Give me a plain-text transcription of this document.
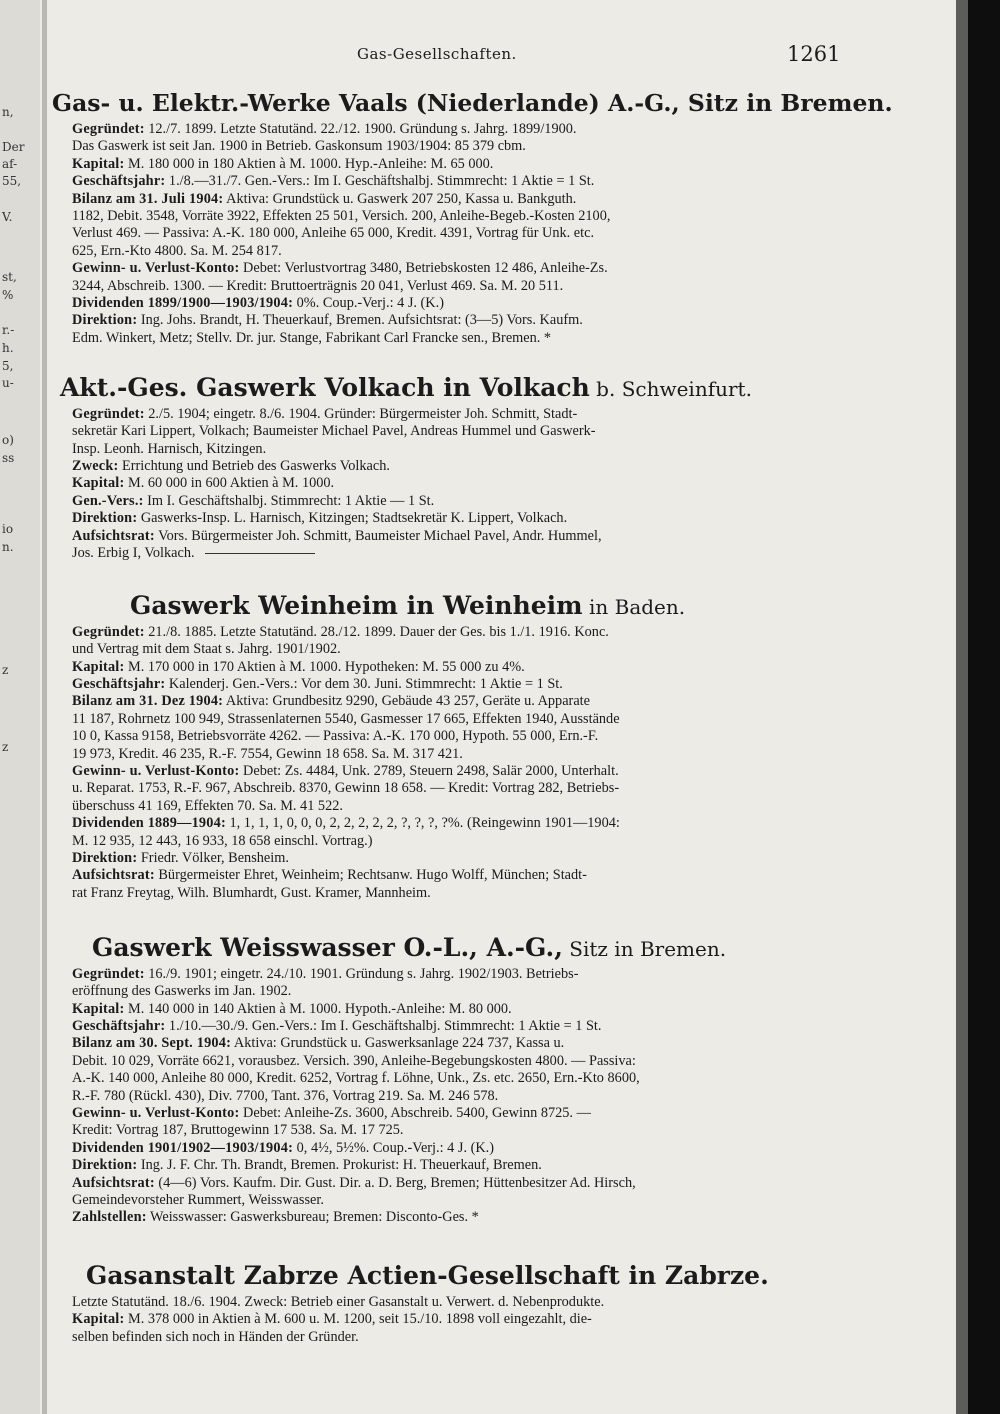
n,
Der
af-
55,
V.
st,
%
r.-
h.
5,
u-
o)
ss
io
n.
z
z
Gas-Gesellschaften.	1261
Gas- u. Elektr.-Werke Vaals (Niederlande) A.-G., Sitz in Bremen.

Gegründet: 12./7. 1899. Letzte Statutänd. 22./12. 1900. Gründung s. Jahrg. 1899/1900.

Das Gaswerk ist seit Jan. 1900 in Betrieb. Gaskonsum 1903/1904: 85 379 cbm.

Kapital: M. 180 000 in 180 Aktien à M. 1000. Hyp.-Anleihe: M. 65 000.

Geschäftsjahr: 1./8.—31./7. Gen.-Vers.: Im I. Geschäftshalbj. Stimmrecht: 1 Aktie = 1 St.

Bilanz am 31. Juli 1904: Aktiva: Grundstück u. Gaswerk 207 250, Kassa u. Bankguth.

1182, Debit. 3548, Vorräte 3922, Effekten 25 501, Versich. 200, Anleihe-Begeb.-Kosten 2100,

Verlust 469. — Passiva: A.-K. 180 000, Anleihe 65 000, Kredit. 4391, Vortrag für Unk. etc.

625, Ern.-Kto 4800. Sa. M. 254 817.

Gewinn- u. Verlust-Konto: Debet: Verlustvortrag 3480, Betriebskosten 12 486, Anleihe-Zs.

3244, Abschreib. 1300. — Kredit: Bruttoerträgnis 20 041, Verlust 469. Sa. M. 20 511.

Dividenden 1899/1900—1903/1904: 0%. Coup.-Verj.: 4 J. (K.)

Direktion: Ing. Johs. Brandt, H. Theuerkauf, Bremen. Aufsichtsrat: (3—5) Vors. Kaufm.

Edm. Winkert, Metz; Stellv. Dr. jur. Stange, Fabrikant Carl Francke sen., Bremen. *

Akt.-Ges. Gaswerk Volkach in Volkach b. Schweinfurt.

Gegründet: 2./5. 1904; eingetr. 8./6. 1904. Gründer: Bürgermeister Joh. Schmitt, Stadt-

sekretär Kari Lippert, Volkach; Baumeister Michael Pavel, Andreas Hummel und Gaswerk-

Insp. Leonh. Harnisch, Kitzingen.

Zweck: Errichtung und Betrieb des Gaswerks Volkach.

Kapital: M. 60 000 in 600 Aktien à M. 1000.

Gen.-Vers.: Im I. Geschäftshalbj. Stimmrecht: 1 Aktie — 1 St.

Direktion: Gaswerks-Insp. L. Harnisch, Kitzingen; Stadtsekretär K. Lippert, Volkach.

Aufsichtsrat: Vors. Bürgermeister Joh. Schmitt, Baumeister Michael Pavel, Andr. Hummel,

Jos. Erbig I, Volkach.

Gaswerk Weinheim in Weinheim in Baden.

Gegründet: 21./8. 1885. Letzte Statutänd. 28./12. 1899. Dauer der Ges. bis 1./1. 1916. Konc.

und Vertrag mit dem Staat s. Jahrg. 1901/1902.

Kapital: M. 170 000 in 170 Aktien à M. 1000. Hypotheken: M. 55 000 zu 4%.

Geschäftsjahr: Kalenderj. Gen.-Vers.: Vor dem 30. Juni. Stimmrecht: 1 Aktie = 1 St.

Bilanz am 31. Dez 1904: Aktiva: Grundbesitz 9290, Gebäude 43 257, Geräte u. Apparate

11 187, Rohrnetz 100 949, Strassenlaternen 5540, Gasmesser 17 665, Effekten 1940, Ausstände

10 0, Kassa 9158, Betriebsvorräte 4262. — Passiva: A.-K. 170 000, Hypoth. 55 000, Ern.-F.

19 973, Kredit. 46 235, R.-F. 7554, Gewinn 18 658. Sa. M. 317 421.

Gewinn- u. Verlust-Konto: Debet: Zs. 4484, Unk. 2789, Steuern 2498, Salär 2000, Unterhalt.

u. Reparat. 1753, R.-F. 967, Abschreib. 8370, Gewinn 18 658. — Kredit: Vortrag 282, Betriebs-

überschuss 41 169, Effekten 70. Sa. M. 41 522.

Dividenden 1889—1904: 1, 1, 1, 1, 0, 0, 0, 2, 2, 2, 2, 2, ?, ?, ?, ?%. (Reingewinn 1901—1904:

M. 12 935, 12 443, 16 933, 18 658 einschl. Vortrag.)

Direktion: Friedr. Völker, Bensheim.

Aufsichtsrat: Bürgermeister Ehret, Weinheim; Rechtsanw. Hugo Wolff, München; Stadt-

rat Franz Freytag, Wilh. Blumhardt, Gust. Kramer, Mannheim.

Gaswerk Weisswasser O.-L., A.-G., Sitz in Bremen.

Gegründet: 16./9. 1901; eingetr. 24./10. 1901. Gründung s. Jahrg. 1902/1903. Betriebs-

eröffnung des Gaswerks im Jan. 1902.

Kapital: M. 140 000 in 140 Aktien à M. 1000. Hypoth.-Anleihe: M. 80 000.

Geschäftsjahr: 1./10.—30./9. Gen.-Vers.: Im I. Geschäftshalbj. Stimmrecht: 1 Aktie = 1 St.

Bilanz am 30. Sept. 1904: Aktiva: Grundstück u. Gaswerksanlage 224 737, Kassa u.

Debit. 10 029, Vorräte 6621, vorausbez. Versich. 390, Anleihe-Begebungskosten 4800. — Passiva:

A.-K. 140 000, Anleihe 80 000, Kredit. 6252, Vortrag f. Löhne, Unk., Zs. etc. 2650, Ern.-Kto 8600,

R.-F. 780 (Rückl. 430), Div. 7700, Tant. 376, Vortrag 219. Sa. M. 246 578.

Gewinn- u. Verlust-Konto: Debet: Anleihe-Zs. 3600, Abschreib. 5400, Gewinn 8725. —

Kredit: Vortrag 187, Bruttogewinn 17 538. Sa. M. 17 725.

Dividenden 1901/1902—1903/1904: 0, 4½, 5½%. Coup.-Verj.: 4 J. (K.)

Direktion: Ing. J. F. Chr. Th. Brandt, Bremen. Prokurist: H. Theuerkauf, Bremen.

Aufsichtsrat: (4—6) Vors. Kaufm. Dir. Gust. Dir. a. D. Berg, Bremen; Hüttenbesitzer Ad. Hirsch,

Gemeindevorsteher Rummert, Weisswasser.

Zahlstellen: Weisswasser: Gaswerksbureau; Bremen: Disconto-Ges. *

Gasanstalt Zabrze Actien-Gesellschaft in Zabrze.

Letzte Statutänd. 18./6. 1904. Zweck: Betrieb einer Gasanstalt u. Verwert. d. Nebenprodukte.

Kapital: M. 378 000 in Aktien à M. 600 u. M. 1200, seit 15./10. 1898 voll eingezahlt, die-

selben befinden sich noch in Händen der Gründer.
